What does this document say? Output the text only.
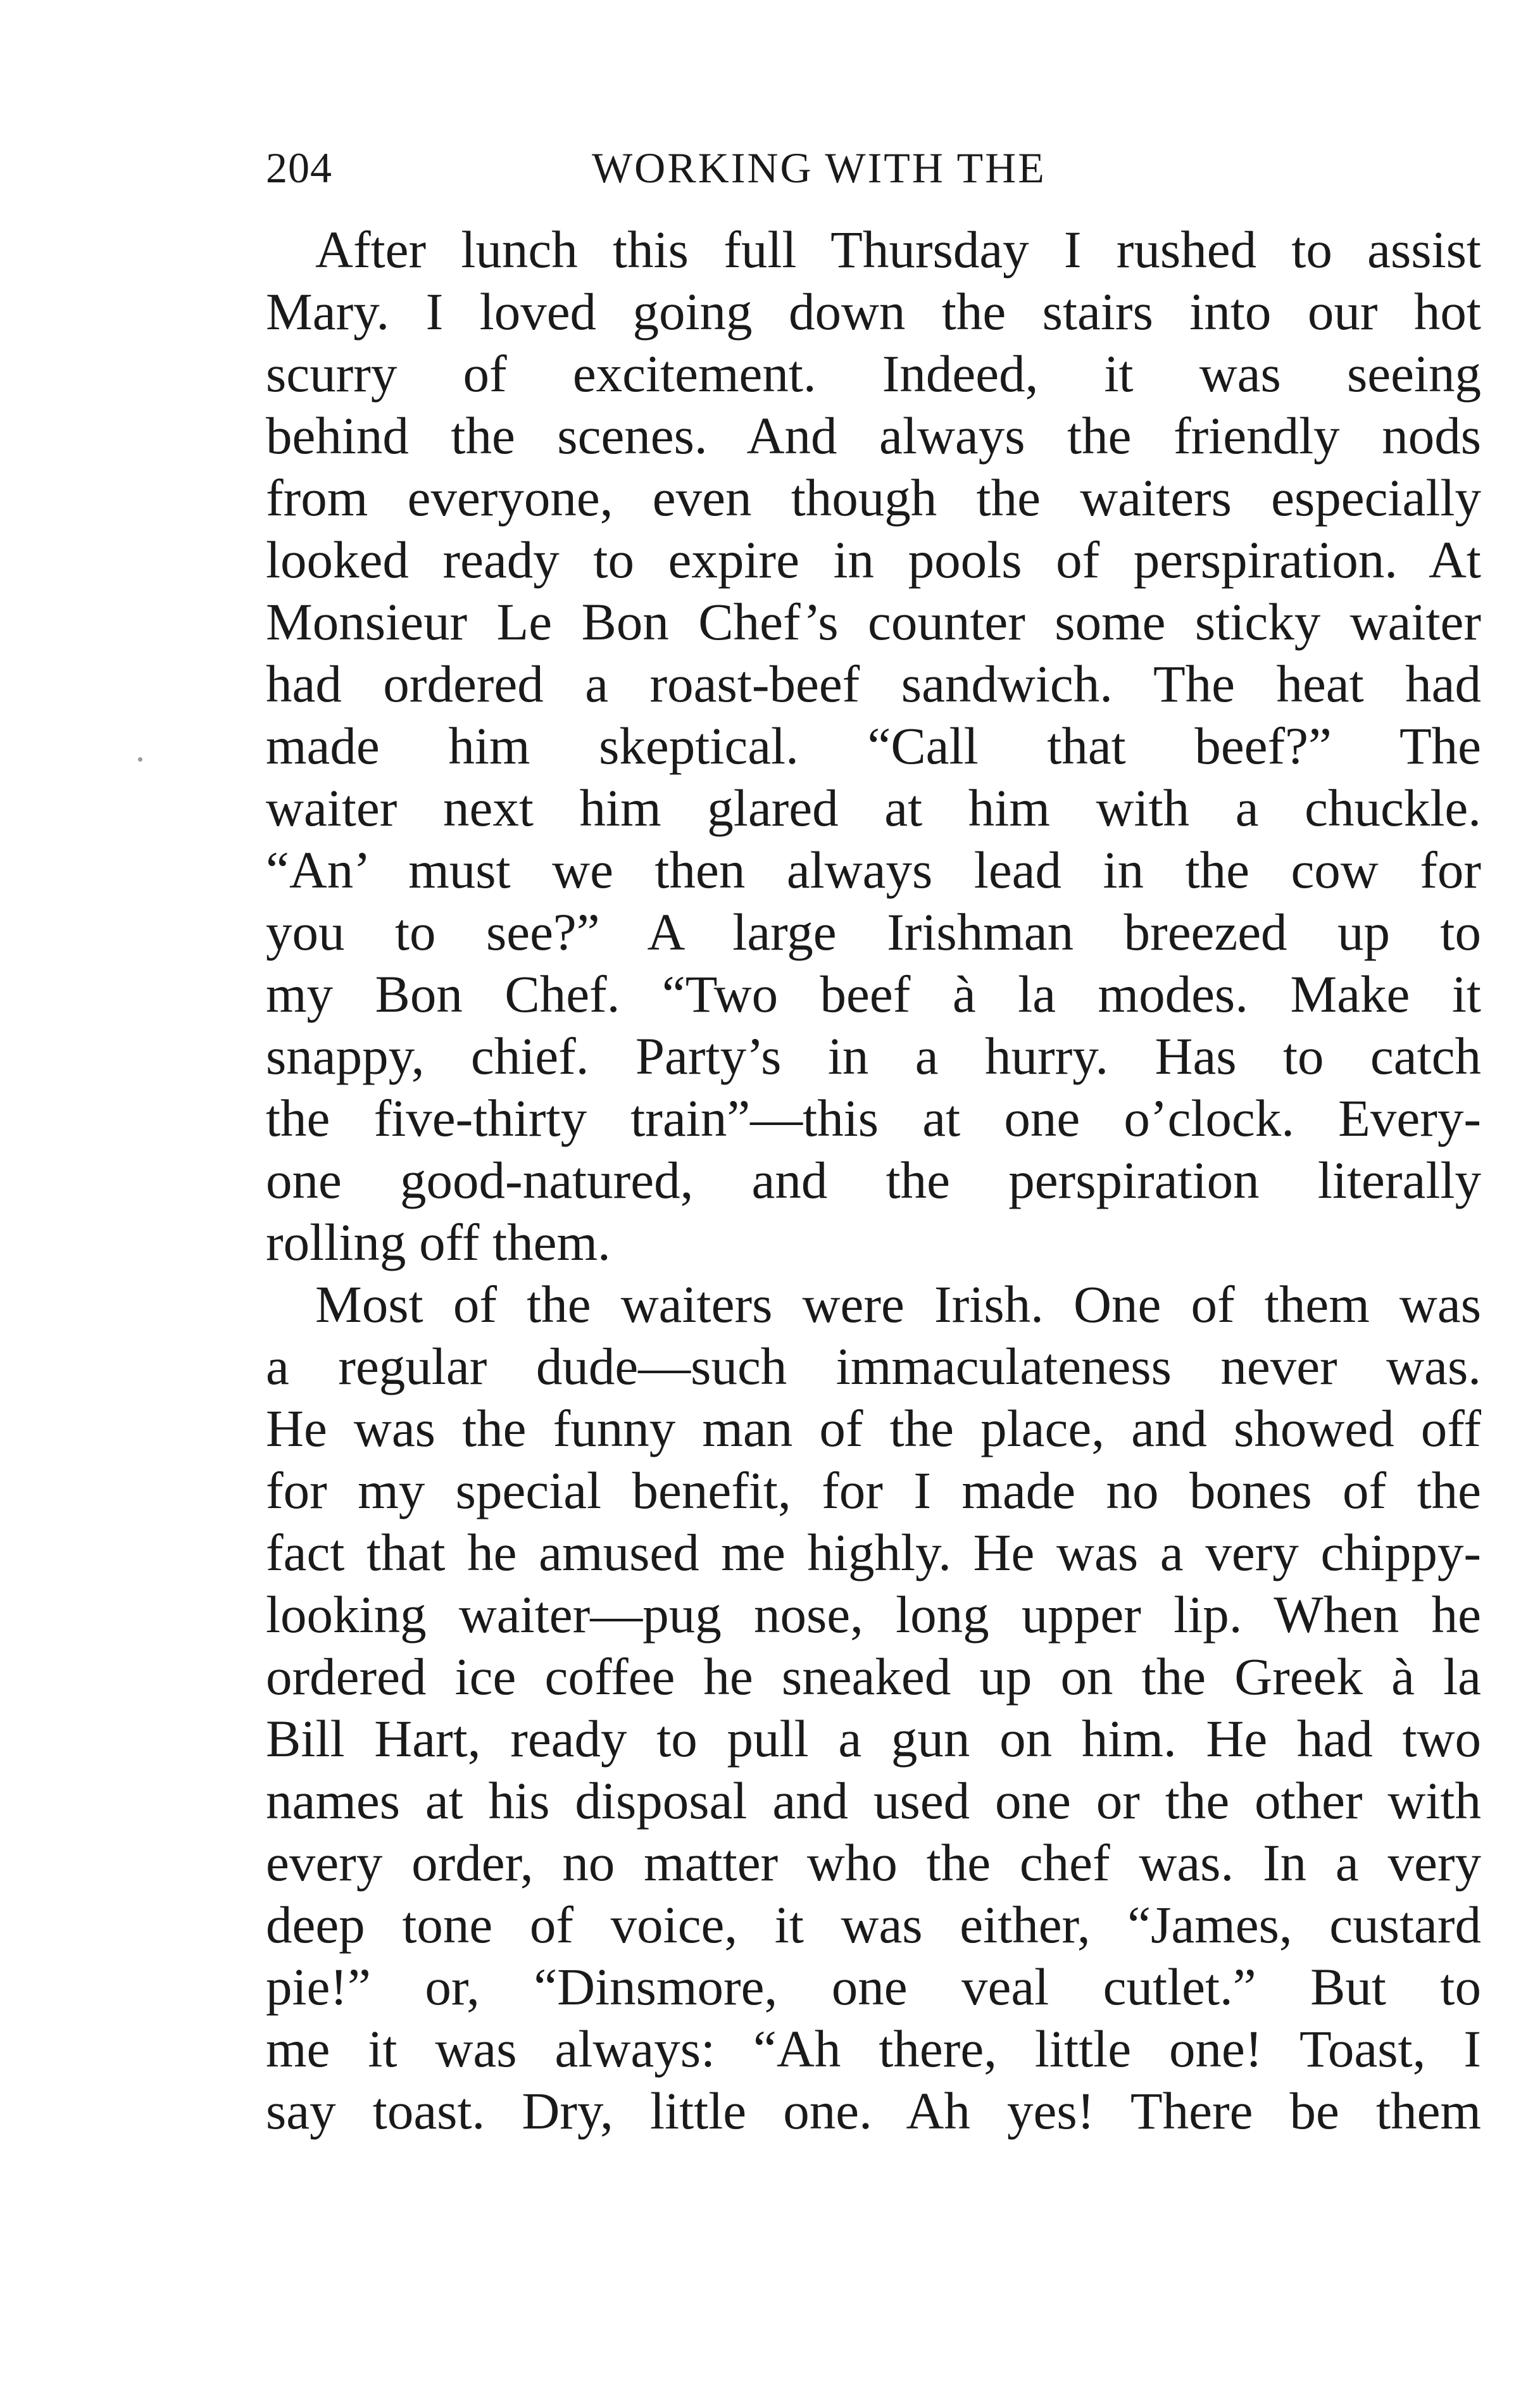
204	WORKING WITH THE

After lunch this full Thursday I rushed to assist
Mary. I loved going down the stairs into our hot
scurry of excitement. Indeed, it was seeing
behind the scenes. And always the friendly nods
from everyone, even though the waiters especially
looked ready to expire in pools of perspiration. At
Monsieur Le Bon Chef’s counter some sticky waiter
had ordered a roast-beef sandwich. The heat had
made him skeptical. “Call that beef?” The
waiter next him glared at him with a chuckle.
“An’ must we then always lead in the cow for
you to see?” A large Irishman breezed up to
my Bon Chef. “Two beef à la modes. Make it
snappy, chief. Party’s in a hurry. Has to catch
the five-thirty train”—this at one o’clock. Every-
one good-natured, and the perspiration literally
rolling off them.

Most of the waiters were Irish. One of them was
a regular dude—such immaculateness never was.
He was the funny man of the place, and showed off
for my special benefit, for I made no bones of the
fact that he amused me highly. He was a very chippy-
looking waiter—pug nose, long upper lip. When he
ordered ice coffee he sneaked up on the Greek à la
Bill Hart, ready to pull a gun on him. He had two
names at his disposal and used one or the other with
every order, no matter who the chef was. In a very
deep tone of voice, it was either, “James, custard
pie!” or, “Dinsmore, one veal cutlet.” But to
me it was always: “Ah there, little one! Toast, I
say toast. Dry, little one. Ah yes! There be them
